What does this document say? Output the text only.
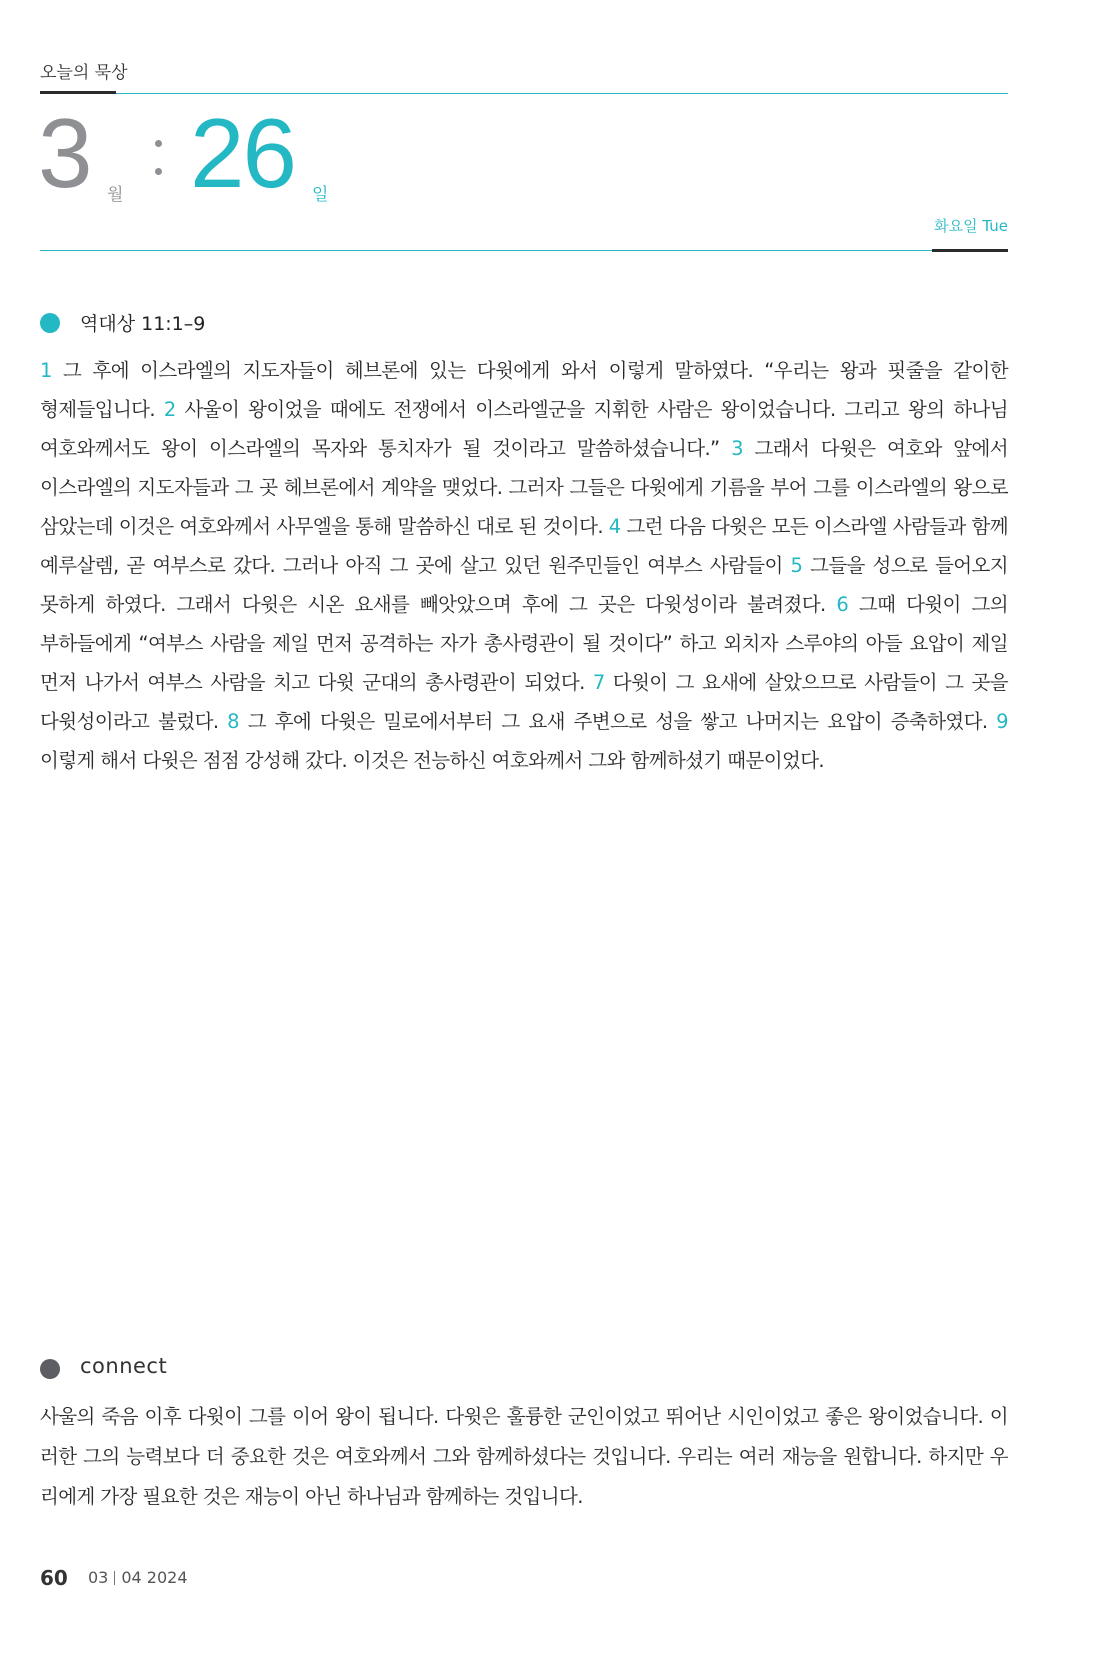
오늘의 묵상
3 월 26 일
화요일 Tue
역대상 11:1–9

1 그 후에 이스라엘의 지도자들이 헤브론에 있는 다윗에게 와서 이렇게 말하였다. “우리는 왕과 핏줄을 같이한 형제들입니다. 2 사울이 왕이었을 때에도 전쟁에서 이스라엘군을 지휘한 사람은 왕이었습니다. 그리고 왕의 하나님 여호와께서도 왕이 이스라엘의 목자와 통치자가 될 것이라고 말씀하셨습니다.” 3 그래서 다윗은 여호와 앞에서 이스라엘의 지도자들과 그 곳 헤브론에서 계약을 맺었다. 그러자 그들은 다윗에게 기름을 부어 그를 이스라엘의 왕으로 삼았는데 이것은 여호와께서 사무엘을 통해 말씀하신 대로 된 것이다. 4 그런 다음 다윗은 모든 이스라엘 사람들과 함께 예루살렘, 곧 여부스로 갔다. 그러나 아직 그 곳에 살고 있던 원주민들인 여부스 사람들이 5 그들을 성으로 들어오지 못하게 하였다. 그래서 다윗은 시온 요새를 빼앗았으며 후에 그 곳은 다윗성이라 불려졌다. 6 그때 다윗이 그의 부하들에게 “여부스 사람을 제일 먼저 공격하는 자가 총사령관이 될 것이다” 하고 외치자 스루야의 아들 요압이 제일 먼저 나가서 여부스 사람을 치고 다윗 군대의 총사령관이 되었다. 7 다윗이 그 요새에 살았으므로 사람들이 그 곳을 다윗성이라고 불렀다. 8 그 후에 다윗은 밀로에서부터 그 요새 주변으로 성을 쌓고 나머지는 요압이 증축하였다. 9 이렇게 해서 다윗은 점점 강성해 갔다. 이것은 전능하신 여호와께서 그와 함께하셨기 때문이었다.

connect

사울의 죽음 이후 다윗이 그를 이어 왕이 됩니다. 다윗은 훌륭한 군인이었고 뛰어난 시인이었고 좋은 왕이었습니다. 이러한 그의 능력보다 더 중요한 것은 여호와께서 그와 함께하셨다는 것입니다. 우리는 여러 재능을 원합니다. 하지만 우리에게 가장 필요한 것은 재능이 아닌 하나님과 함께하는 것입니다.

60 03 04 2024
